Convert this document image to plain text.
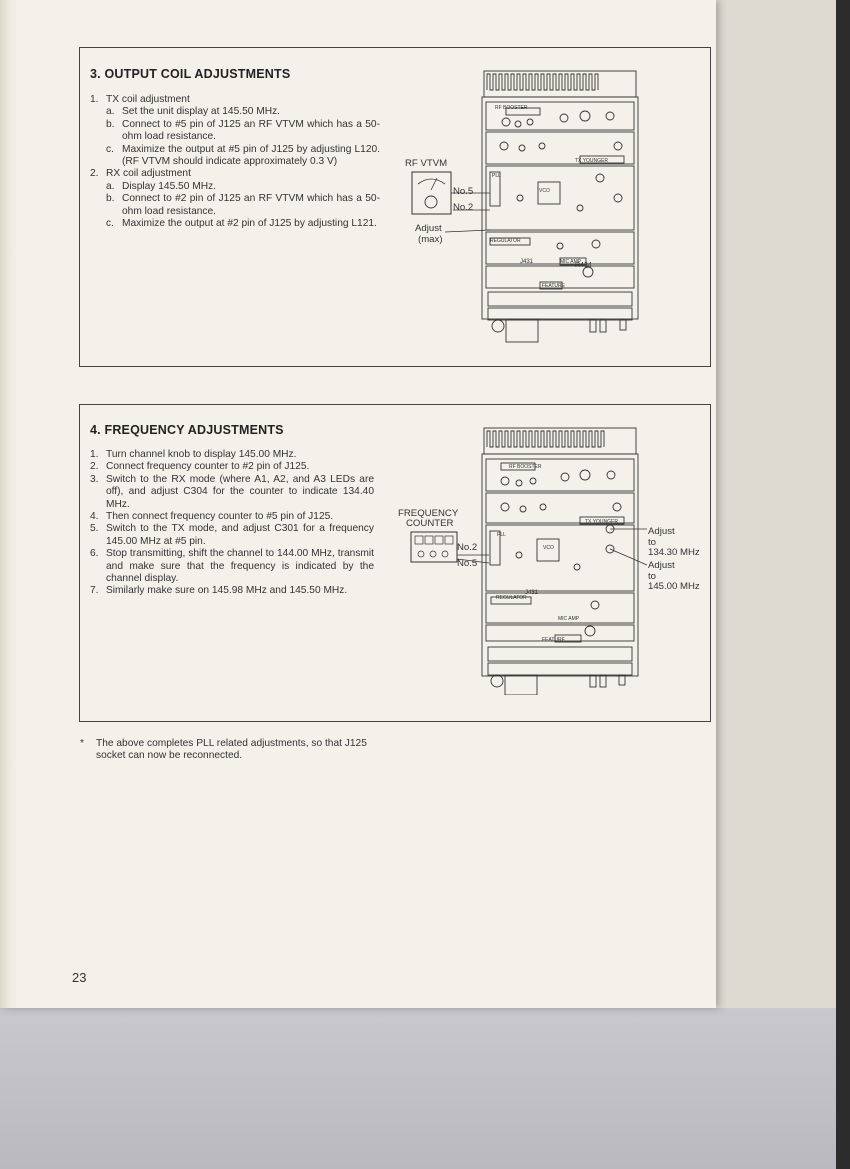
3. OUTPUT COIL ADJUSTMENTS
1. TX coil adjustment
a. Set the unit display at 145.50 MHz.
b. Connect to #5 pin of J125 an RF VTVM which has a 50-ohm load resistance.
c. Maximize the output at #5 pin of J125 by adjusting L120. (RF VTVM should indicate approximately 0.3 V)
2. RX coil adjustment
a. Display 145.50 MHz.
b. Connect to #2 pin of J125 an RF VTVM which has a 50-ohm load resistance.
c. Maximize the output at #2 pin of J125 by adjusting L121.
RF VTVM
No.5
No.2
Adjust
(max)
RF BOOSTER
TX YOUNGER
PLL
VCO
REGULATOR
MIC AMP
FEATURE
J431	R434
4. FREQUENCY ADJUSTMENTS
1. Turn channel knob to display 145.00 MHz.
2. Connect frequency counter to #2 pin of J125.
3. Switch to the RX mode (where A1, A2, and A3 LEDs are off), and adjust C304 for the counter to indicate 134.40 MHz.
4. Then connect frequency counter to #5 pin of J125.
5. Switch to the TX mode, and adjust C301 for a frequency 145.00 MHz at #5 pin.
6. Stop transmitting, shift the channel to 144.00 MHz, transmit and make sure that the frequency is indicated by the channel display.
7. Similarly make sure on 145.98 MHz and 145.50 MHz.
FREQUENCY
COUNTER
No.2
No.5
Adjust
to
134.30 MHz
Adjust
to
145.00 MHz
RF BOOSTER
TX YOUNGER
PLL
VCO
REGULATOR
MIC AMP
FEATURE
J431
*	The above completes PLL related adjustments, so that J125 socket can now be reconnected.
23
